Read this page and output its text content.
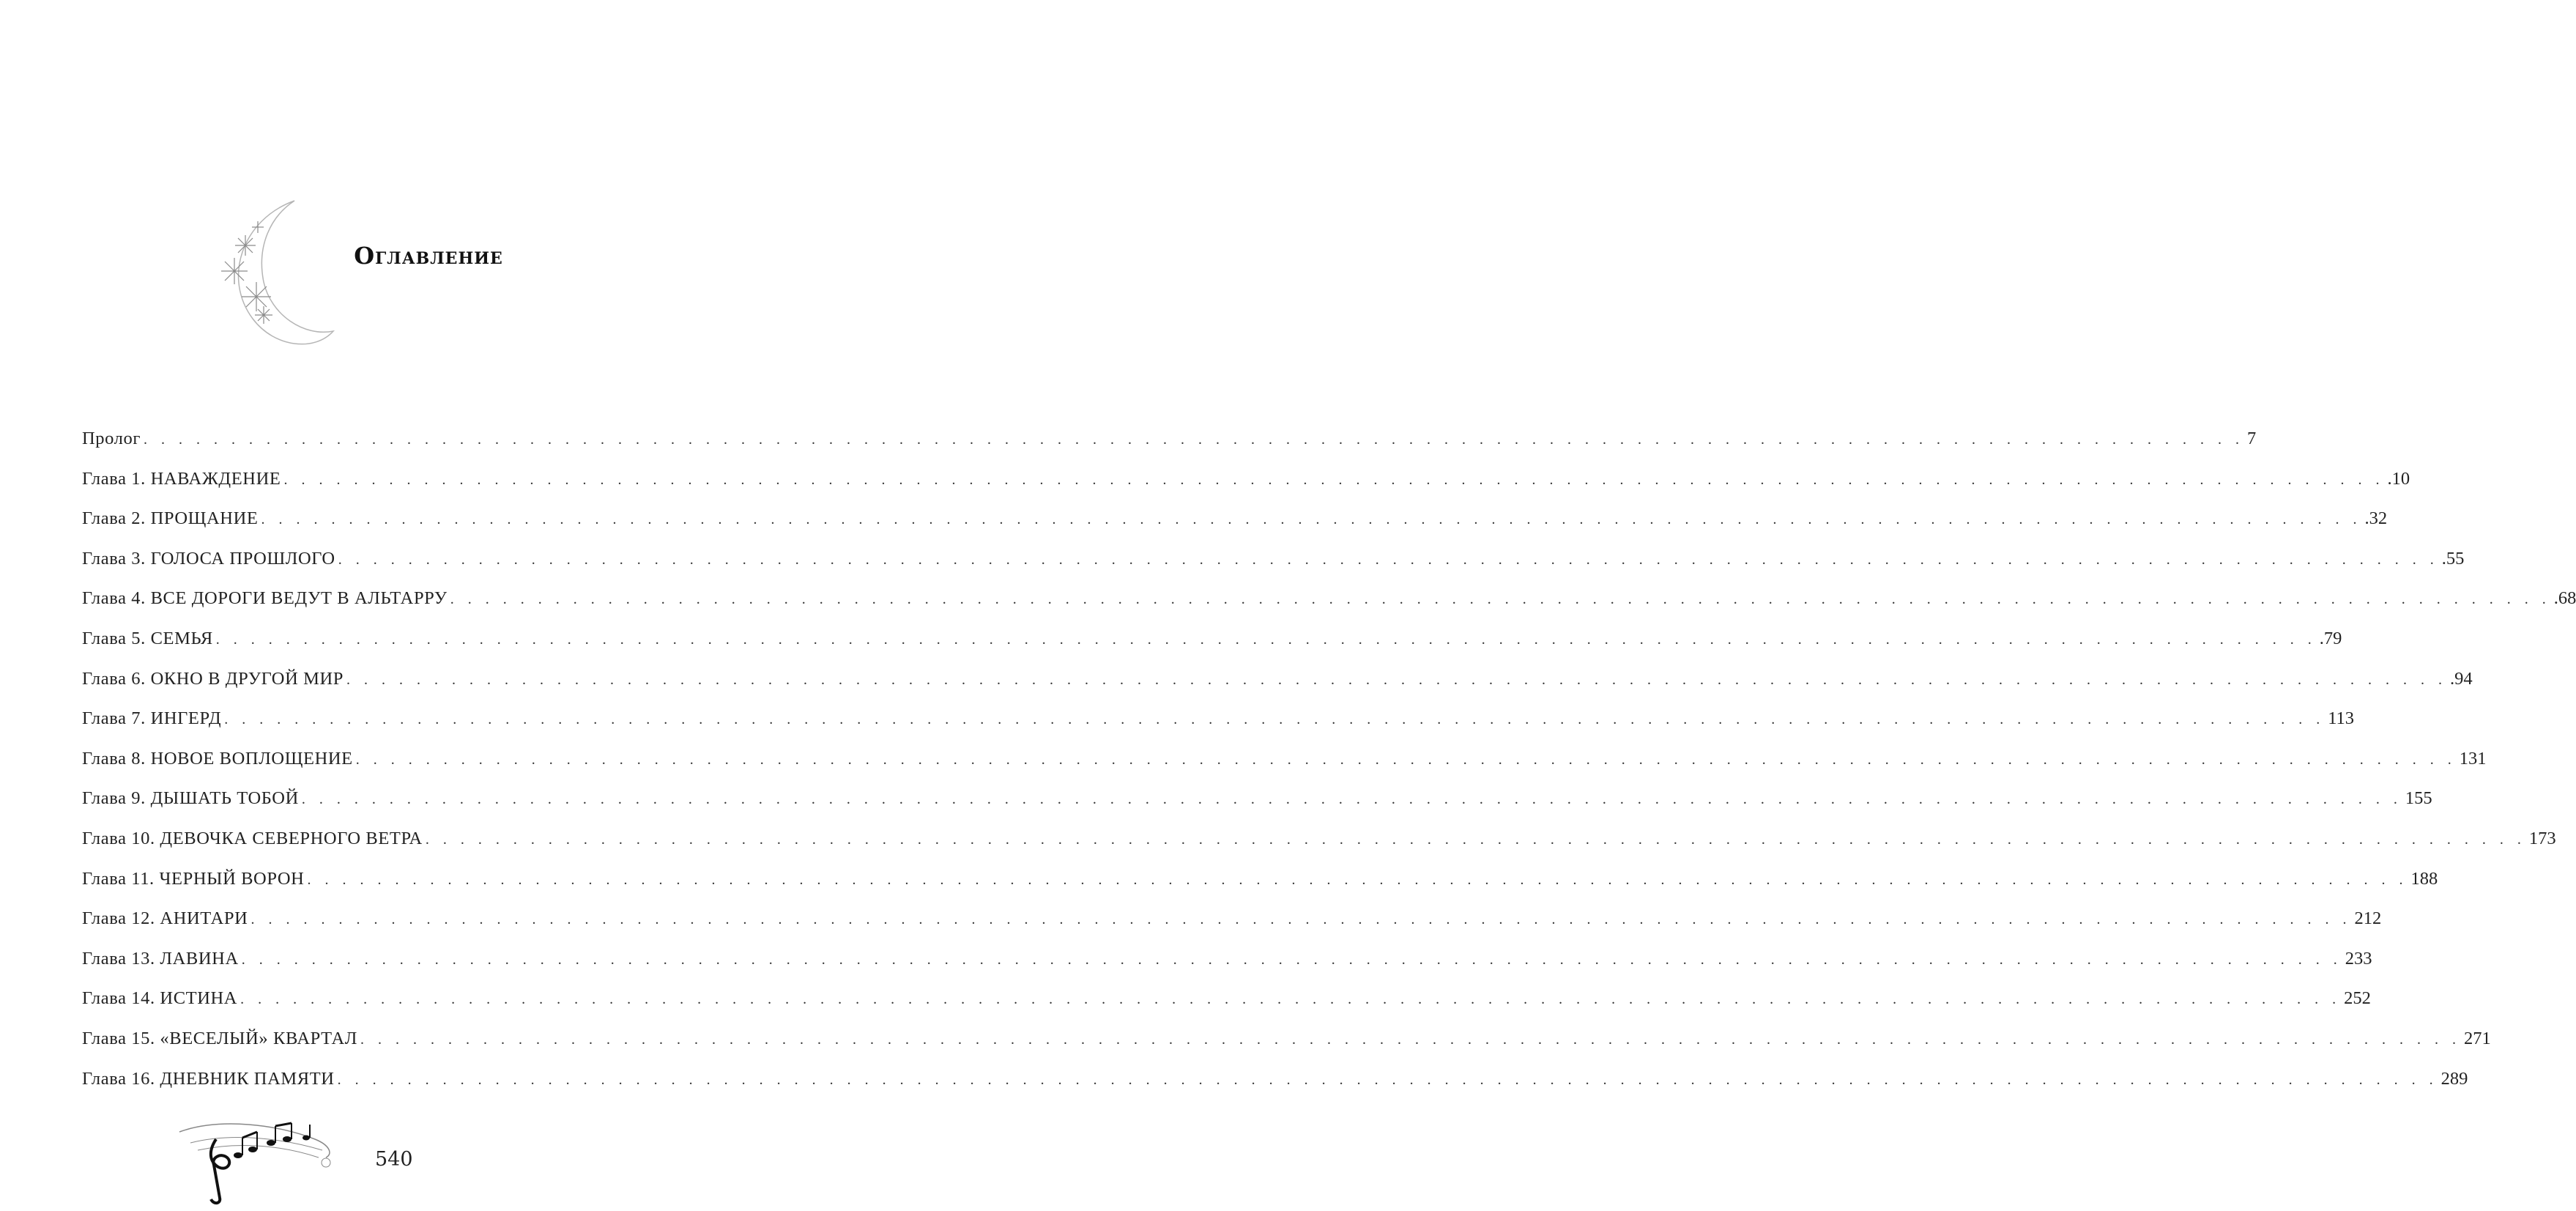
Оглавление
Пролог . . . . . . . . . . . . . . . . . . . . . . . . . . . . . . . . . . . . . . . . . . . . . . . . . . . . . . . . . . . . . . . . . . . . . . . . . . . . . . . . . . . . . . . . . . . . . . . . . . . . . . . . . . . . . . . . . . . . . . . . 7
Глава 1. НАВАЖДЕНИЕ . . . . . . . . . . . . . . . . . . . . . . . . . . . . . . . . . . . . . . . . . . . . . . . . . . . . . . . . . . . . . . . . . . . . . . . . . . . . . . . . . . . . . . . . . . . . . . . . . . . . . . . . . . . . . . . . . . . . . . . . .10
Глава 2. ПРОЩАНИЕ . . . . . . . . . . . . . . . . . . . . . . . . . . . . . . . . . . . . . . . . . . . . . . . . . . . . . . . . . . . . . . . . . . . . . . . . . . . . . . . . . . . . . . . . . . . . . . . . . . . . . . . . . . . . . . . . . . . . . . . . .32
Глава 3. ГОЛОСА ПРОШЛОГО . . . . . . . . . . . . . . . . . . . . . . . . . . . . . . . . . . . . . . . . . . . . . . . . . . . . . . . . . . . . . . . . . . . . . . . . . . . . . . . . . . . . . . . . . . . . . . . . . . . . . . . . . . . . . . . . . . . . . . . . .55
Глава 4. ВСЕ ДОРОГИ ВЕДУТ В АЛЬТАРРУ . . . . . . . . . . . . . . . . . . . . . . . . . . . . . . . . . . . . . . . . . . . . . . . . . . . . . . . . . . . . . . . . . . . . . . . . . . . . . . . . . . . . . . . . . . . . . . . . . . . . . . . . . . . . . . . . . . . . . . . . .68
Глава 5. СЕМЬЯ . . . . . . . . . . . . . . . . . . . . . . . . . . . . . . . . . . . . . . . . . . . . . . . . . . . . . . . . . . . . . . . . . . . . . . . . . . . . . . . . . . . . . . . . . . . . . . . . . . . . . . . . . . . . . . . . . . . . . . . . .79
Глава 6. ОКНО В ДРУГОЙ МИР . . . . . . . . . . . . . . . . . . . . . . . . . . . . . . . . . . . . . . . . . . . . . . . . . . . . . . . . . . . . . . . . . . . . . . . . . . . . . . . . . . . . . . . . . . . . . . . . . . . . . . . . . . . . . . . . . . . . . . . . .94
Глава 7. ИНГЕРД . . . . . . . . . . . . . . . . . . . . . . . . . . . . . . . . . . . . . . . . . . . . . . . . . . . . . . . . . . . . . . . . . . . . . . . . . . . . . . . . . . . . . . . . . . . . . . . . . . . . . . . . . . . . . . . . . . . . . . . . 113
Глава 8. НОВОЕ ВОПЛОЩЕНИЕ . . . . . . . . . . . . . . . . . . . . . . . . . . . . . . . . . . . . . . . . . . . . . . . . . . . . . . . . . . . . . . . . . . . . . . . . . . . . . . . . . . . . . . . . . . . . . . . . . . . . . . . . . . . . . . . . . . . . . . . . 131
Глава 9. ДЫШАТЬ ТОБОЙ . . . . . . . . . . . . . . . . . . . . . . . . . . . . . . . . . . . . . . . . . . . . . . . . . . . . . . . . . . . . . . . . . . . . . . . . . . . . . . . . . . . . . . . . . . . . . . . . . . . . . . . . . . . . . . . . . . . . . . . . 155
Глава 10. ДЕВОЧКА СЕВЕРНОГО ВЕТРА . . . . . . . . . . . . . . . . . . . . . . . . . . . . . . . . . . . . . . . . . . . . . . . . . . . . . . . . . . . . . . . . . . . . . . . . . . . . . . . . . . . . . . . . . . . . . . . . . . . . . . . . . . . . . . . . . . . . . . . . 173
Глава 11. ЧЕРНЫЙ ВОРОН . . . . . . . . . . . . . . . . . . . . . . . . . . . . . . . . . . . . . . . . . . . . . . . . . . . . . . . . . . . . . . . . . . . . . . . . . . . . . . . . . . . . . . . . . . . . . . . . . . . . . . . . . . . . . . . . . . . . . . . . 188
Глава 12. АНИТАРИ . . . . . . . . . . . . . . . . . . . . . . . . . . . . . . . . . . . . . . . . . . . . . . . . . . . . . . . . . . . . . . . . . . . . . . . . . . . . . . . . . . . . . . . . . . . . . . . . . . . . . . . . . . . . . . . . . . . . . . . . 212
Глава 13. ЛАВИНА . . . . . . . . . . . . . . . . . . . . . . . . . . . . . . . . . . . . . . . . . . . . . . . . . . . . . . . . . . . . . . . . . . . . . . . . . . . . . . . . . . . . . . . . . . . . . . . . . . . . . . . . . . . . . . . . . . . . . . . . 233
Глава 14. ИСТИНА . . . . . . . . . . . . . . . . . . . . . . . . . . . . . . . . . . . . . . . . . . . . . . . . . . . . . . . . . . . . . . . . . . . . . . . . . . . . . . . . . . . . . . . . . . . . . . . . . . . . . . . . . . . . . . . . . . . . . . . . 252
Глава 15. «ВЕСЕЛЫЙ» КВАРТАЛ . . . . . . . . . . . . . . . . . . . . . . . . . . . . . . . . . . . . . . . . . . . . . . . . . . . . . . . . . . . . . . . . . . . . . . . . . . . . . . . . . . . . . . . . . . . . . . . . . . . . . . . . . . . . . . . . . . . . . . . . 271
Глава 16. ДНЕВНИК ПАМЯТИ . . . . . . . . . . . . . . . . . . . . . . . . . . . . . . . . . . . . . . . . . . . . . . . . . . . . . . . . . . . . . . . . . . . . . . . . . . . . . . . . . . . . . . . . . . . . . . . . . . . . . . . . . . . . . . . . . . . . . . . . 289
540
